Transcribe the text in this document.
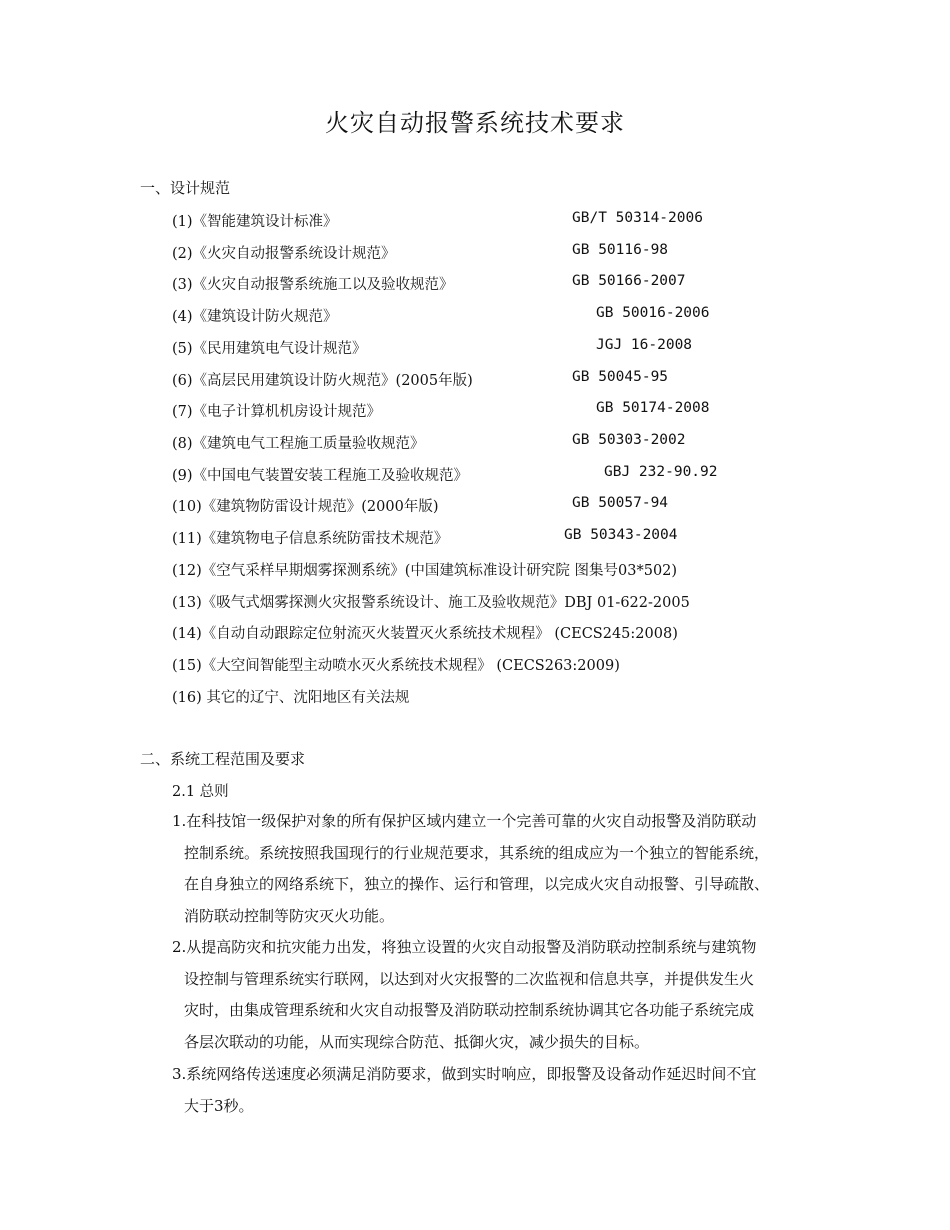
火灾自动报警系统技术要求
一、设计规范
(1)《智能建筑设计标准》	GB/T 50314-2006
(2)《火灾自动报警系统设计规范》	GB 50116-98
(3)《火灾自动报警系统施工以及验收规范》	GB 50166-2007
(4)《建筑设计防火规范》	GB 50016-2006
(5)《民用建筑电气设计规范》	JGJ 16-2008
(6)《高层民用建筑设计防火规范》(2005年版)	GB 50045-95
(7)《电子计算机机房设计规范》	GB 50174-2008
(8)《建筑电气工程施工质量验收规范》	GB 50303-2002
(9)《中国电气装置安装工程施工及验收规范》	GBJ 232-90.92
(10)《建筑物防雷设计规范》(2000年版)	GB 50057-94
(11)《建筑物电子信息系统防雷技术规范》	GB 50343-2004
(12)《空气采样早期烟雾探测系统》(中国建筑标准设计研究院 图集号03*502)
(13)《吸气式烟雾探测火灾报警系统设计、施工及验收规范》DBJ 01-622-2005
(14)《自动自动跟踪定位射流灭火装置灭火系统技术规程》 (CECS245:2008)
(15)《大空间智能型主动喷水灭火系统技术规程》 (CECS263:2009)
(16) 其它的辽宁、沈阳地区有关法规
二、系统工程范围及要求
2.1 总则
1.在科技馆一级保护对象的所有保护区域内建立一个完善可靠的火灾自动报警及消防联动
控制系统。系统按照我国现行的行业规范要求，其系统的组成应为一个独立的智能系统，
在自身独立的网络系统下，独立的操作、运行和管理，以完成火灾自动报警、引导疏散、
消防联动控制等防灾灭火功能。
2.从提高防灾和抗灾能力出发，将独立设置的火灾自动报警及消防联动控制系统与建筑物
设控制与管理系统实行联网，以达到对火灾报警的二次监视和信息共享，并提供发生火
灾时，由集成管理系统和火灾自动报警及消防联动控制系统协调其它各功能子系统完成
各层次联动的功能，从而实现综合防范、抵御火灾，减少损失的目标。
3.系统网络传送速度必须满足消防要求，做到实时响应，即报警及设备动作延迟时间不宜
大于3秒。
